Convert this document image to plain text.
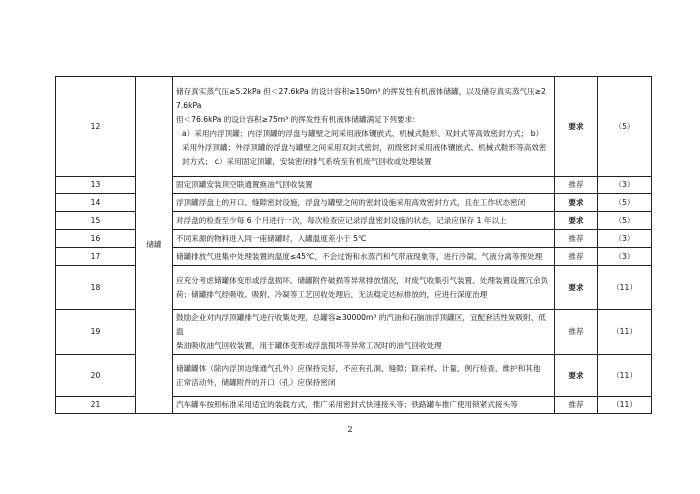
12	储罐	储存真实蒸气压≥5.2kPa 但＜27.6kPa 的设计容积≥150m³ 的挥发性有机液体储罐，以及储存真实蒸气压≥27.6kPa
但＜76.6kPa 的设计容积≥75m³ 的挥发性有机液体储罐满足下列要求：
a）采用内浮顶罐；内浮顶罐的浮盘与罐壁之间采用液体镶嵌式、机械式鞋形、双封式等高效密封方式； b）
采用外浮顶罐；外浮顶罐的浮盘与罐壁之间采用双封式密封，初级密封采用液体镶嵌式、机械式鞋形等高效密
封方式； c）采用固定顶罐，安装密闭排气系统至有机废气回收或处理装置	要求	（5）
13		固定顶罐安装顶空联通置换油气回收装置	推荐	（3）
14		浮顶罐浮盘上的开口、缝隙密封设施，浮盘与罐壁之间的密封设施采用高效密封方式，且在工作状态密闭	要求	（5）
15		对浮盘的检查至少每 6 个月进行一次，每次检查应记录浮盘密封设施的状态，记录应保存 1 年以上	要求	（5）
16		不同来源的物料进入同一座储罐时，入罐温度差小于 5℃	推荐	（3）
17		储罐排放气进集中处理装置的温度≤45℃，不会过饱和水蒸汽和气带液现象等，进行冷凝、气液分离等预处理	推荐	（3）
18		应充分考虑储罐体变形或浮盘损坏、储罐附件破损等异常排放情况，对废气收集引气装置、处理装置设置冗余负
荷；储罐排气经吸收、吸附、冷凝等工艺回收处理后，无法稳定达标排放的，应进行深度治理	要求	（11）
19		鼓励企业对内浮顶罐排气进行收集处理，总罐容≥30000m³ 的汽油和石脑油浮顶罐区，宜配套活性炭吸附、低温
柴油吸收油气回收装置，用于罐体变形或浮盘损坏等异常工况时的油气回收处理	推荐	（11）
20		储罐罐体（除内浮顶边缘通气孔外）应保持完好，不应有孔洞、缝隙；除采样、计量、例行检查、维护和其他
正常活动外，储罐附件的开口（孔）应保持密闭	要求	（11）
21		汽车罐车按照标准采用适宜的装载方式，推广采用密封式快速接头等；铁路罐车推广使用锁紧式接头等	推荐	（11）
2
